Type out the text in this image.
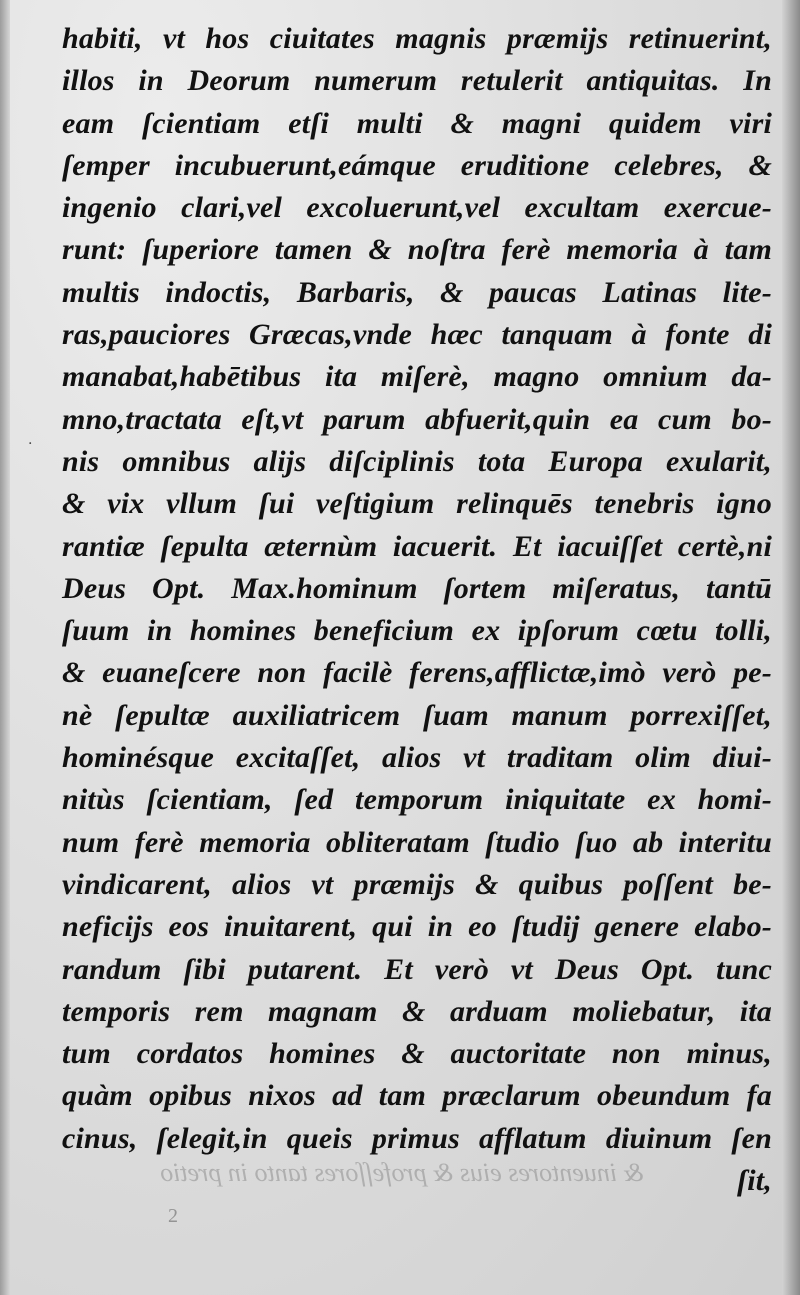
.
habiti, vt hos ciuitates magnis præmijs retinuerint,
illos in Deorum numerum retulerit antiquitas. In
eam ſcientiam etſi multi & magni quidem viri
ſemper incubuerunt,eámque eruditione celebres, &
ingenio clari,vel excoluerunt,vel excultam exercue-
runt: ſuperiore tamen & noſtra ferè memoria à tam
multis indoctis, Barbaris, & paucas Latinas lite-
ras,pauciores Græcas,vnde hæc tanquam à fonte di
manabat,habētibus ita miſerè, magno omnium da-
mno,tractata eſt,vt parum abfuerit,quin ea cum bo-
nis omnibus alijs diſciplinis tota Europa exularit,
& vix vllum ſui veſtigium relinquēs tenebris igno
rantiæ ſepulta æternùm iacuerit. Et iacuiſſet certè,ni
Deus Opt. Max.hominum ſortem miſeratus, tantū
ſuum in homines beneficium ex ipſorum cœtu tolli,
& euaneſcere non facilè ferens,afflictæ,imò verò pe-
nè ſepultæ auxiliatricem ſuam manum porrexiſſet,
hominésque excitaſſet, alios vt traditam olim diui-
nitùs ſcientiam, ſed temporum iniquitate ex homi-
num ferè memoria obliteratam ſtudio ſuo ab interitu
vindicarent, alios vt præmijs & quibus poſſent be-
neficijs eos inuitarent, qui in eo ſtudij genere elabo-
randum ſibi putarent. Et verò vt Deus Opt. tunc
temporis rem magnam & arduam moliebatur, ita
tum cordatos homines & auctoritate non minus,
quàm opibus nixos ad tam præclarum obeundum fa
cinus, ſelegit,in queis primus afflatum diuinum ſen
ſit,
& inuentores eius & profeſſores tanto in pretio
2
